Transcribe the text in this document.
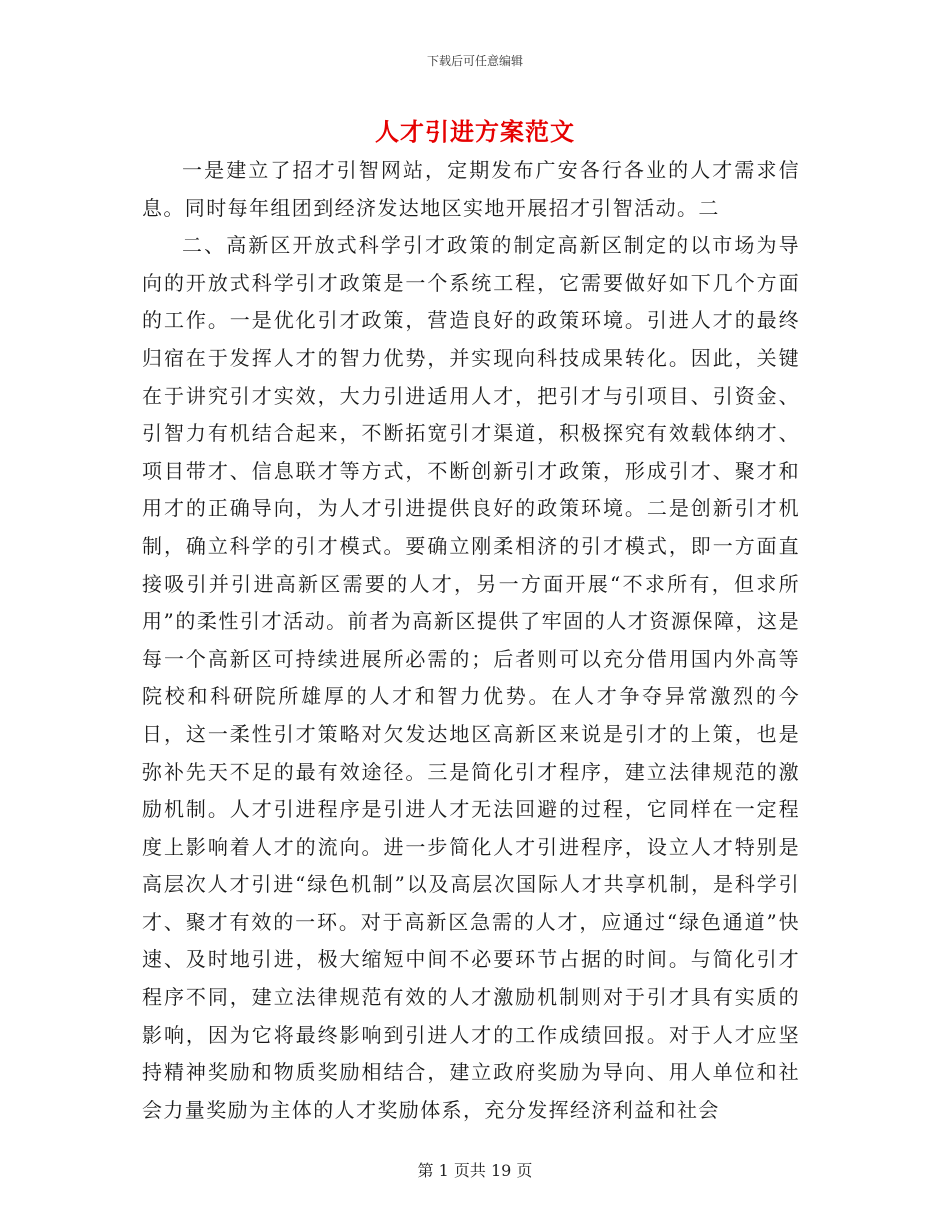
下载后可任意编辑
人才引进方案范文

一是建立了招才引智网站，定期发布广安各行各业的人才需求信息。同时每年组团到经济发达地区实地开展招才引智活动。二

二、高新区开放式科学引才政策的制定高新区制定的以市场为导向的开放式科学引才政策是一个系统工程，它需要做好如下几个方面的工作。一是优化引才政策，营造良好的政策环境。引进人才的最终归宿在于发挥人才的智力优势，并实现向科技成果转化。因此，关键在于讲究引才实效，大力引进适用人才，把引才与引项目、引资金、引智力有机结合起来，不断拓宽引才渠道，积极探究有效载体纳才、项目带才、信息联才等方式，不断创新引才政策，形成引才、聚才和用才的正确导向，为人才引进提供良好的政策环境。二是创新引才机制，确立科学的引才模式。要确立刚柔相济的引才模式，即一方面直接吸引并引进高新区需要的人才，另一方面开展“不求所有，但求所用”的柔性引才活动。前者为高新区提供了牢固的人才资源保障，这是每一个高新区可持续进展所必需的；后者则可以充分借用国内外高等院校和科研院所雄厚的人才和智力优势。在人才争夺异常激烈的今日，这一柔性引才策略对欠发达地区高新区来说是引才的上策，也是弥补先天不足的最有效途径。三是简化引才程序，建立法律规范的激励机制。人才引进程序是引进人才无法回避的过程，它同样在一定程度上影响着人才的流向。进一步简化人才引进程序，设立人才特别是高层次人才引进“绿色机制”以及高层次国际人才共享机制，是科学引才、聚才有效的一环。对于高新区急需的人才，应通过“绿色通道”快速、及时地引进，极大缩短中间不必要环节占据的时间。与简化引才程序不同，建立法律规范有效的人才激励机制则对于引才具有实质的影响，因为它将最终影响到引进人才的工作成绩回报。对于人才应坚持精神奖励和物质奖励相结合，建立政府奖励为导向、用人单位和社会力量奖励为主体的人才奖励体系，充分发挥经济利益和社会

第 1 页共 19 页
